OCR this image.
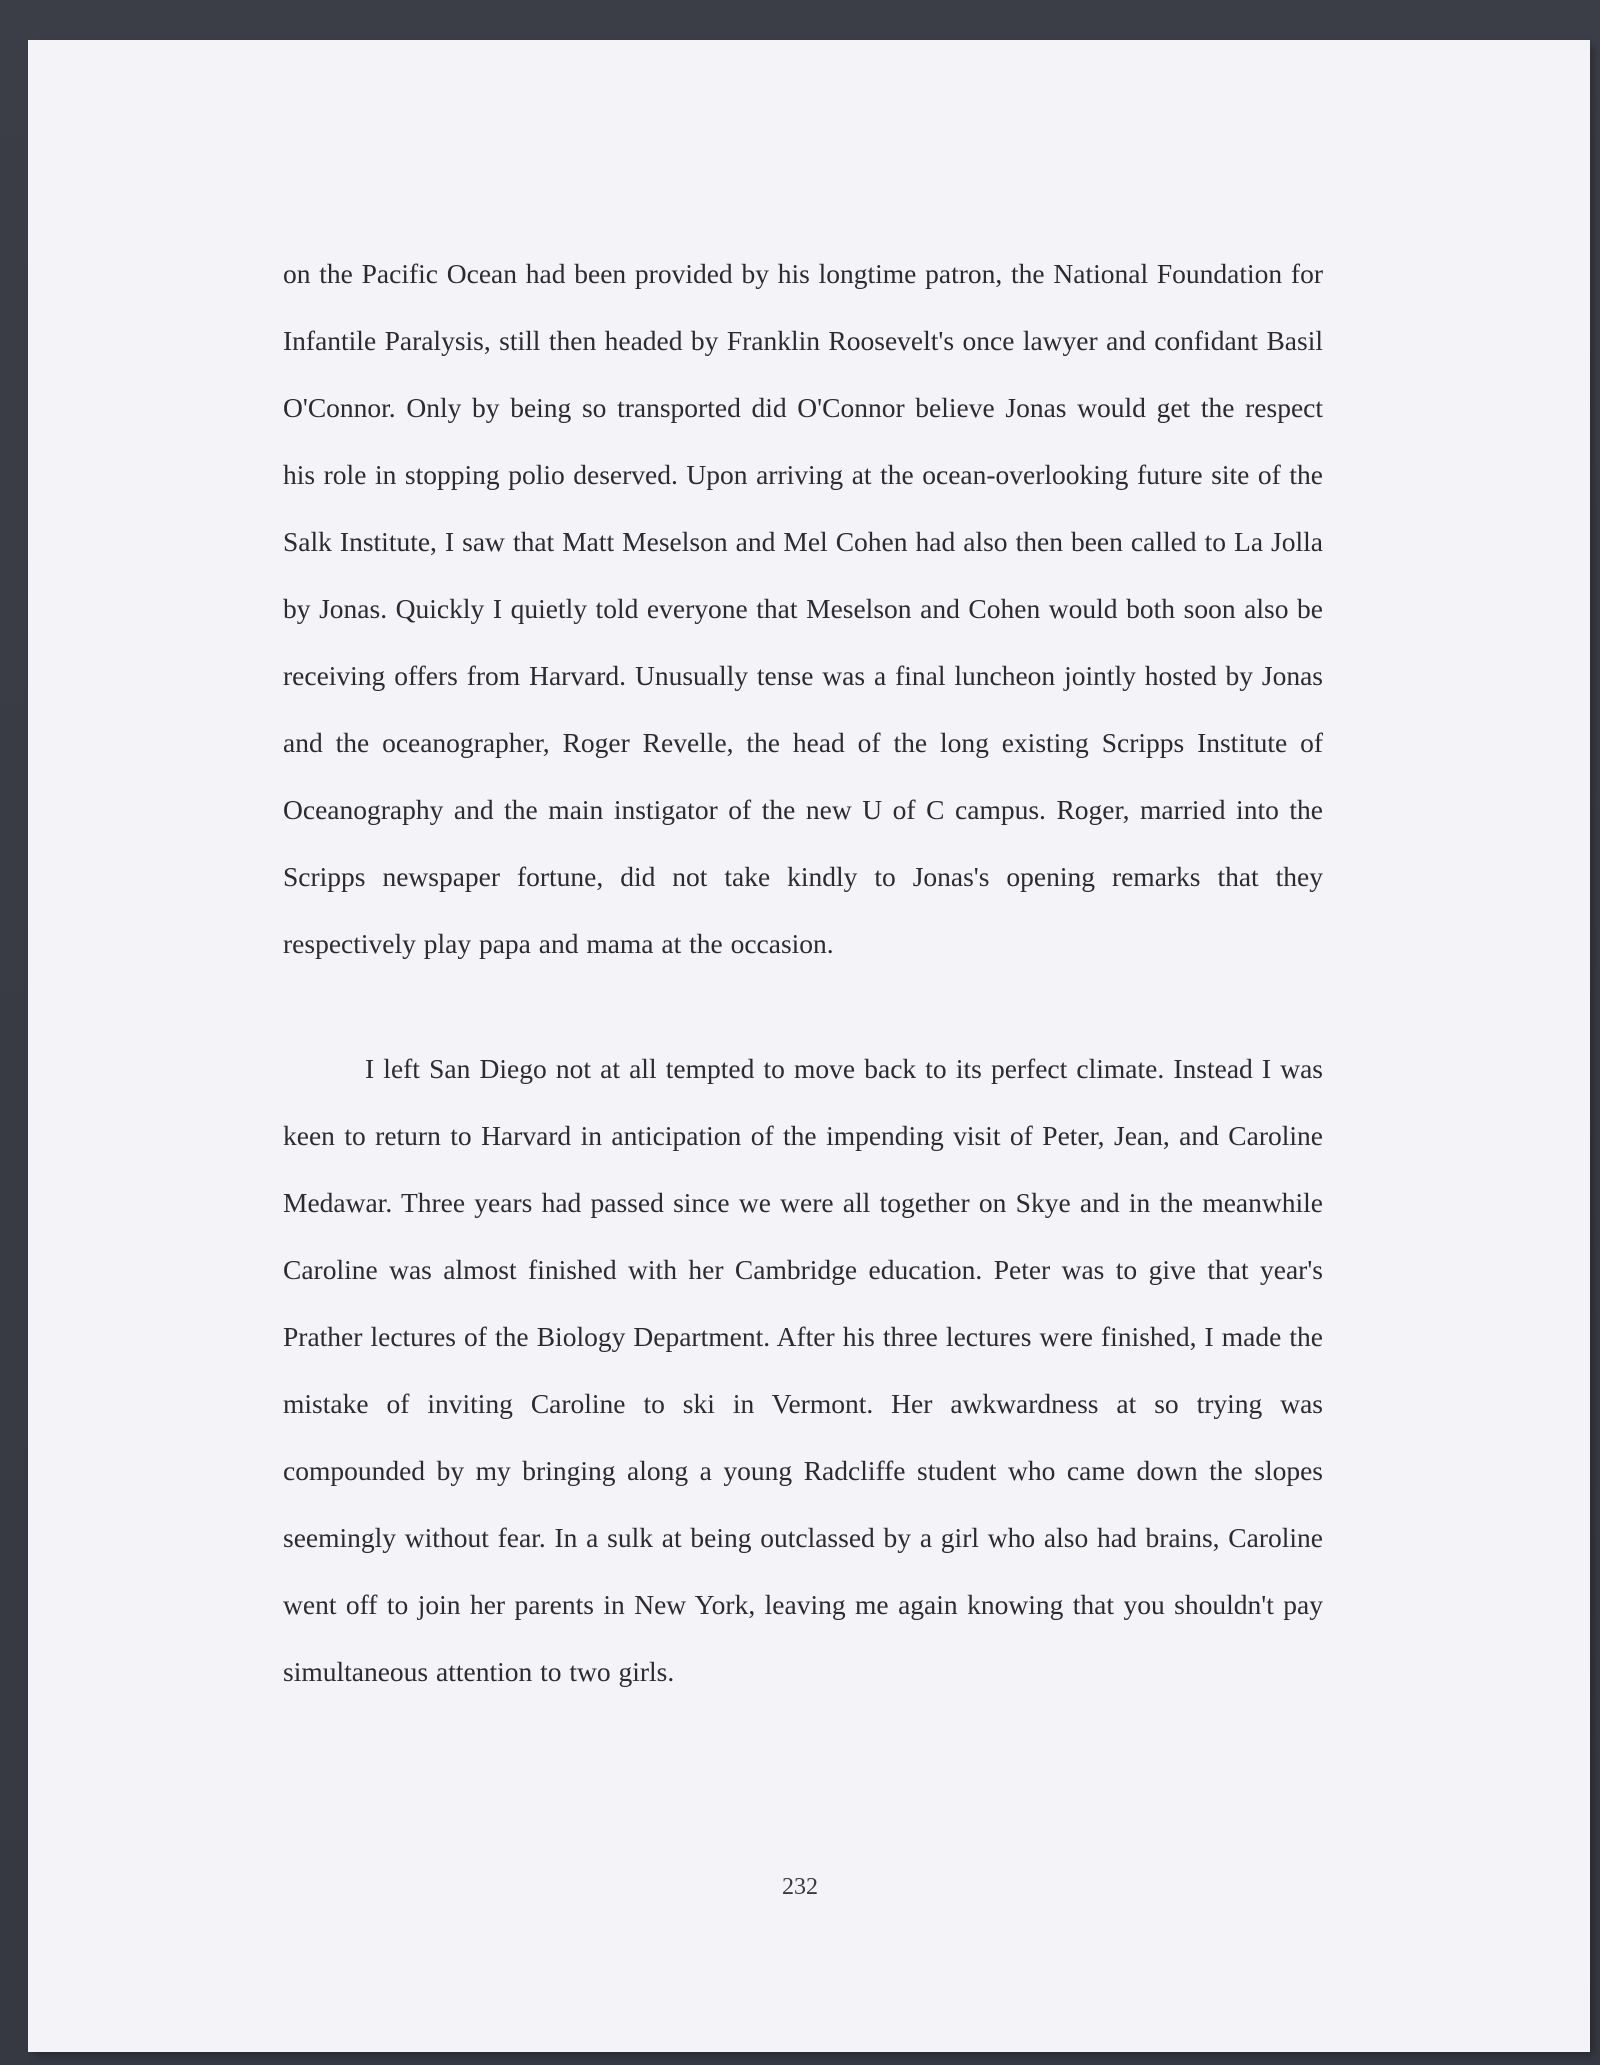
on the Pacific Ocean had been provided by his longtime patron, the National Foundation for Infantile Paralysis, still then headed by Franklin Roosevelt's once lawyer and confidant Basil O'Connor. Only by being so transported did O'Connor believe Jonas would get the respect his role in stopping polio deserved. Upon arriving at the ocean-overlooking future site of the Salk Institute, I saw that Matt Meselson and Mel Cohen had also then been called to La Jolla by Jonas. Quickly I quietly told everyone that Meselson and Cohen would both soon also be receiving offers from Harvard. Unusually tense was a final luncheon jointly hosted by Jonas and the oceanographer, Roger Revelle, the head of the long existing Scripps Institute of Oceanography and the main instigator of the new U of C campus. Roger, married into the Scripps newspaper fortune, did not take kindly to Jonas's opening remarks that they respectively play papa and mama at the occasion.

I left San Diego not at all tempted to move back to its perfect climate. Instead I was keen to return to Harvard in anticipation of the impending visit of Peter, Jean, and Caroline Medawar. Three years had passed since we were all together on Skye and in the meanwhile Caroline was almost finished with her Cambridge education. Peter was to give that year's Prather lectures of the Biology Department. After his three lectures were finished, I made the mistake of inviting Caroline to ski in Vermont. Her awkwardness at so trying was compounded by my bringing along a young Radcliffe student who came down the slopes seemingly without fear. In a sulk at being outclassed by a girl who also had brains, Caroline went off to join her parents in New York, leaving me again knowing that you shouldn't pay simultaneous attention to two girls.

232
